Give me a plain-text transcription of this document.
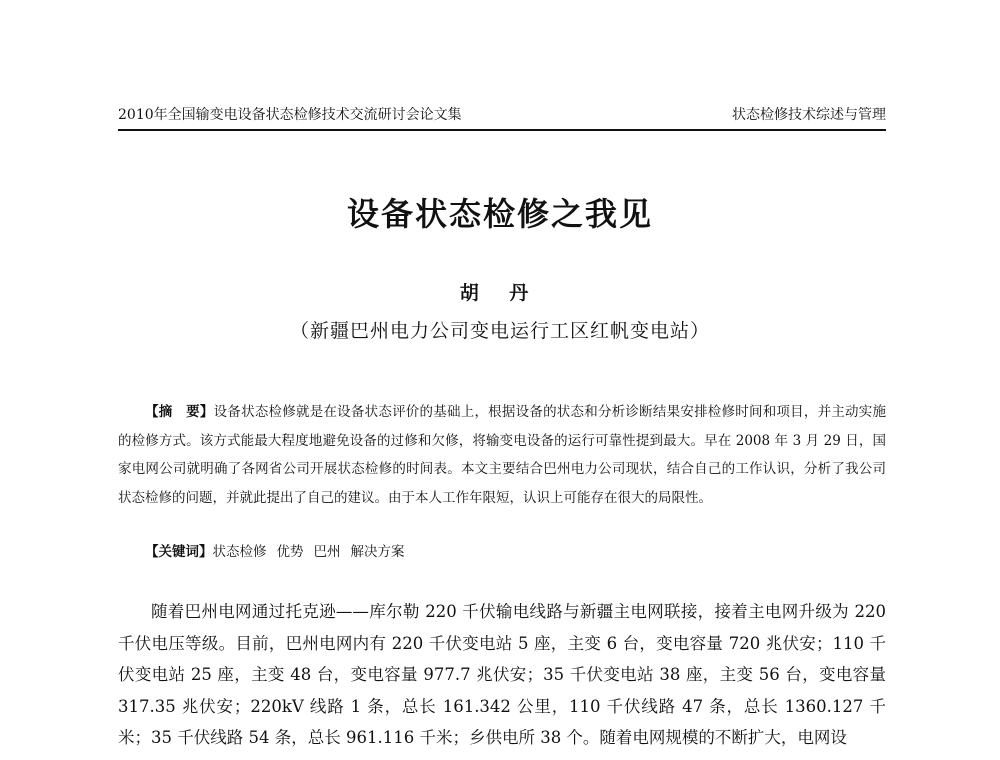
2010年全国输变电设备状态检修技术交流研讨会论文集	状态检修技术综述与管理
设备状态检修之我见
胡 丹
（新疆巴州电力公司变电运行工区红帆变电站）

【摘　要】设备状态检修就是在设备状态评价的基础上，根据设备的状态和分析诊断结果安排检修时间和项目，并主动实施的检修方式。该方式能最大程度地避免设备的过修和欠修，将输变电设备的运行可靠性提到最大。早在 2008 年 3 月 29 日，国家电网公司就明确了各网省公司开展状态检修的时间表。本文主要结合巴州电力公司现状，结合自己的工作认识，分析了我公司状态检修的问题，并就此提出了自己的建议。由于本人工作年限短，认识上可能存在很大的局限性。

【关键词】状态检修 优势 巴州 解决方案

随着巴州电网通过托克逊——库尔勒 220 千伏输电线路与新疆主电网联接，接着主电网升级为 220 千伏电压等级。目前，巴州电网内有 220 千伏变电站 5 座，主变 6 台，变电容量 720 兆伏安；110 千伏变电站 25 座，主变 48 台，变电容量 977.7 兆伏安；35 千伏变电站 38 座，主变 56 台，变电容量 317.35 兆伏安；220kV 线路 1 条，总长 161.342 公里，110 千伏线路 47 条，总长 1360.127 千米；35 千伏线路 54 条，总长 961.116 千米；乡供电所 38 个。随着电网规模的不断扩大，电网设
